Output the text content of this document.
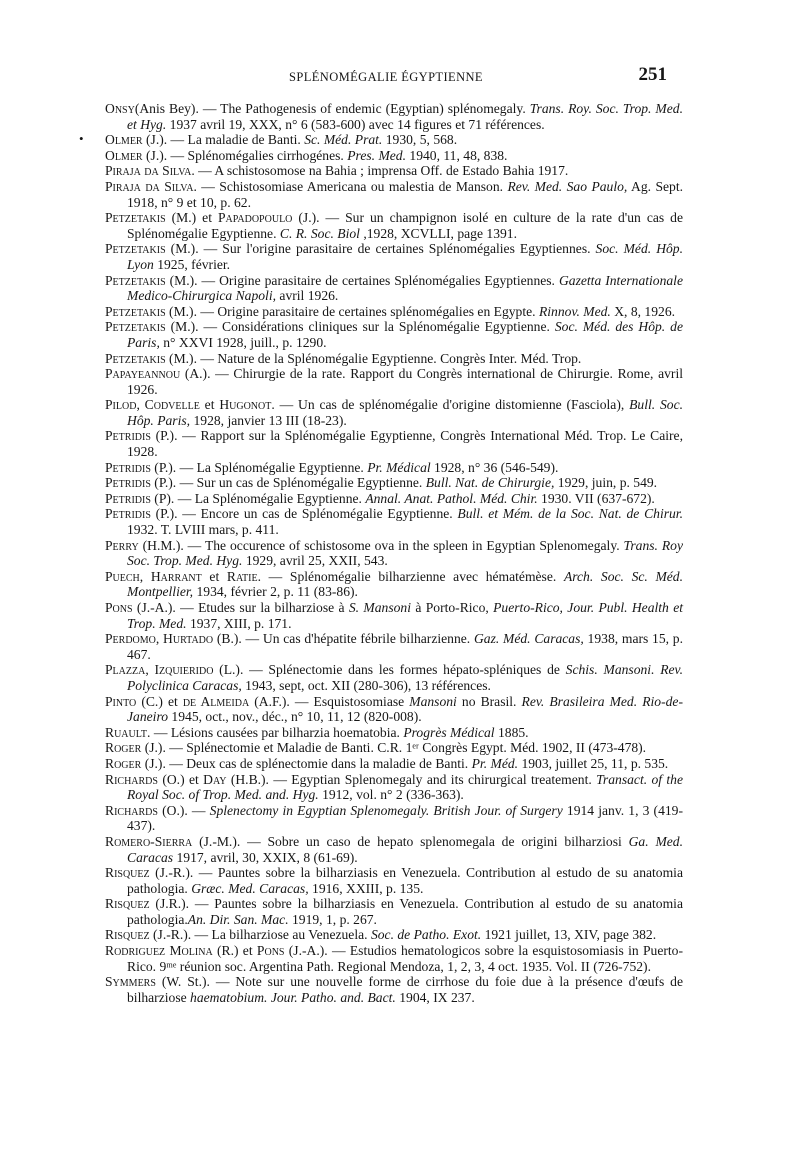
SPLÉNOMÉGALIE ÉGYPTIENNE	251
•
Onsy(Anis Bey). — The Pathogenesis of endemic (Egyptian) splénomegaly. Trans. Roy. Soc. Trop. Med. et Hyg. 1937 avril 19, XXX, n° 6 (583-600) avec 14 figures et 71 références.
Olmer (J.). — La maladie de Banti. Sc. Méd. Prat. 1930, 5, 568.
Olmer (J.). — Splénomégalies cirrhogénes. Pres. Med. 1940, 11, 48, 838.
Piraja da Silva. — A schistosomose na Bahia ; imprensa Off. de Estado Bahia 1917.
Piraja da Silva. — Schistosomiase Americana ou malestia de Manson. Rev. Med. Sao Paulo, Ag. Sept. 1918, n° 9 et 10, p. 62.
Petzetakis (M.) et Papadopoulo (J.). — Sur un champignon isolé en culture de la rate d'un cas de Splénomégalie Egyptienne. C. R. Soc. Biol ,1928, XCVLLI, page 1391.
Petzetakis (M.). — Sur l'origine parasitaire de certaines Splénomégalies Egyptiennes. Soc. Méd. Hôp. Lyon 1925, février.
Petzetakis (M.). — Origine parasitaire de certaines Splénomégalies Egyptiennes. Gazetta Internationale Medico-Chirurgica Napoli, avril 1926.
Petzetakis (M.). — Origine parasitaire de certaines splénomégalies en Egypte. Rinnov. Med. X, 8, 1926.
Petzetakis (M.). — Considérations cliniques sur la Splénomégalie Egyptienne. Soc. Méd. des Hôp. de Paris, n° XXVI 1928, juill., p. 1290.
Petzetakis (M.). — Nature de la Splénomégalie Egyptienne. Congrès Inter. Méd. Trop.
Papayeannou (A.). — Chirurgie de la rate. Rapport du Congrès international de Chirurgie. Rome, avril 1926.
Pilod, Codvelle et Hugonot. — Un cas de splénomégalie d'origine distomienne (Fasciola), Bull. Soc. Hôp. Paris, 1928, janvier 13 III (18-23).
Petridis (P.). — Rapport sur la Splénomégalie Egyptienne, Congrès International Méd. Trop. Le Caire, 1928.
Petridis (P.). — La Splénomégalie Egyptienne. Pr. Médical 1928, n° 36 (546-549).
Petridis (P.). — Sur un cas de Splénomégalie Egyptienne. Bull. Nat. de Chirurgie, 1929, juin, p. 549.
Petridis (P). — La Splénomégalie Egyptienne. Annal. Anat. Pathol. Méd. Chir. 1930. VII (637-672).
Petridis (P.). — Encore un cas de Splénomégalie Egyptienne. Bull. et Mém. de la Soc. Nat. de Chirur. 1932. T. LVIII mars, p. 411.
Perry (H.M.). — The occurence of schistosome ova in the spleen in Egyptian Splenomegaly. Trans. Roy Soc. Trop. Med. Hyg. 1929, avril 25, XXII, 543.
Puech, Harrant et Ratie. — Splénomégalie bilharzienne avec hématémèse. Arch. Soc. Sc. Méd. Montpellier, 1934, février 2, p. 11 (83-86).
Pons (J.-A.). — Etudes sur la bilharziose à S. Mansoni à Porto-Rico, Puerto-Rico, Jour. Publ. Health et Trop. Med. 1937, XIII, p. 171.
Perdomo, Hurtado (B.). — Un cas d'hépatite fébrile bilharzienne. Gaz. Méd. Caracas, 1938, mars 15, p. 467.
Plazza, Izquierido (L.). — Splénectomie dans les formes hépato-spléniques de Schis. Mansoni. Rev. Polyclinica Caracas, 1943, sept, oct. XII (280-306), 13 références.
Pinto (C.) et de Almeida (A.F.). — Esquistosomiase Mansoni no Brasil. Rev. Brasileira Med. Rio-de-Janeiro 1945, oct., nov., déc., n° 10, 11, 12 (820-008).
Ruault. — Lésions causées par bilharzia hoematobia. Progrès Médical 1885.
Roger (J.). — Splénectomie et Maladie de Banti. C.R. 1ᵉʳ Congrès Egypt. Méd. 1902, II (473-478).
Roger (J.). — Deux cas de splénectomie dans la maladie de Banti. Pr. Méd. 1903, juillet 25, 11, p. 535.
Richards (O.) et Day (H.B.). — Egyptian Splenomegaly and its chirurgical treatement. Transact. of the Royal Soc. of Trop. Med. and. Hyg. 1912, vol. n° 2 (336-363).
Richards (O.). — Splenectomy in Egyptian Splenomegaly. British Jour. of Surgery 1914 janv. 1, 3 (419-437).
Romero-Sierra (J.-M.). — Sobre un caso de hepato splenomegala de origini bilharziosi Ga. Med. Caracas 1917, avril, 30, XXIX, 8 (61-69).
Risquez (J.-R.). — Pauntes sobre la bilharziasis en Venezuela. Contribution al estudo de su anatomia pathologia. Græc. Med. Caracas, 1916, XXIII, p. 135.
Risquez (J.R.). — Pauntes sobre la bilharziasis en Venezuela. Contribution al estudo de su anatomia pathologia.An. Dir. San. Mac. 1919, 1, p. 267.
Risquez (J.-R.). — La bilharziose au Venezuela. Soc. de Patho. Exot. 1921 juillet, 13, XIV, page 382.
Rodriguez Molina (R.) et Pons (J.-A.). — Estudios hematologicos sobre la esquistosomiasis in Puerto-Rico. 9ᵐᵉ réunion soc. Argentina Path. Regional Mendoza, 1, 2, 3, 4 oct. 1935. Vol. II (726-752).
Symmers (W. St.). — Note sur une nouvelle forme de cirrhose du foie due à la présence d'œufs de bilharziose haematobium. Jour. Patho. and. Bact. 1904, IX 237.
